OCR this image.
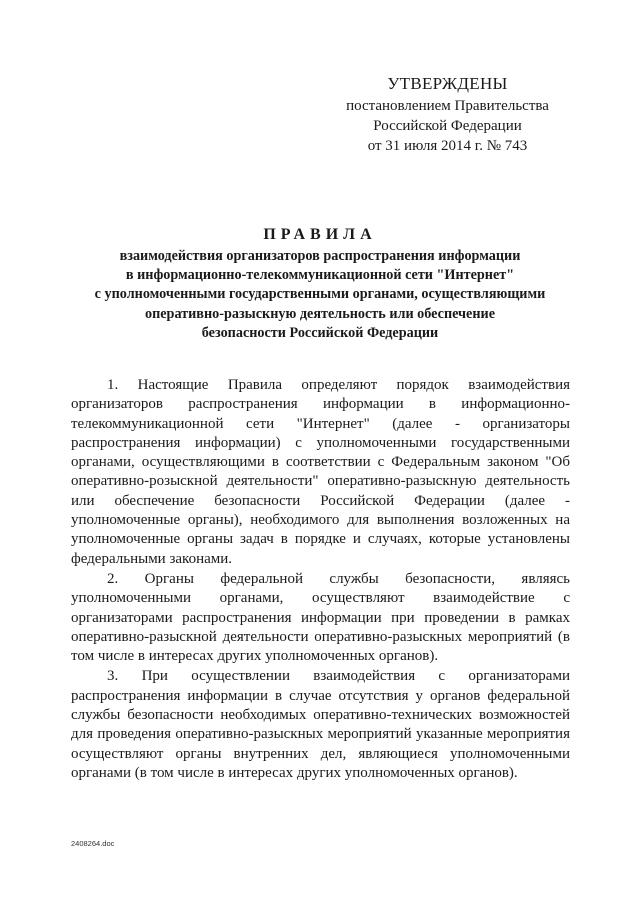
УТВЕРЖДЕНЫ
постановлением Правительства
Российской Федерации
от 31 июля 2014 г. № 743
ПРАВИЛА
взаимодействия организаторов распространения информации
в информационно-телекоммуникационной сети "Интернет"
с уполномоченными государственными органами, осуществляющими
оперативно-разыскную деятельность или обеспечение
безопасности Российской Федерации

1. Настоящие Правила определяют порядок взаимодействия организаторов распространения информации в информационно-телекоммуникационной сети "Интернет" (далее - организаторы распространения информации) с уполномоченными государственными органами, осуществляющими в соответствии с Федеральным законом "Об оперативно-розыскной деятельности" оперативно-разыскную деятельность или обеспечение безопасности Российской Федерации (далее - уполномоченные органы), необходимого для выполнения возложенных на уполномоченные органы задач в порядке и случаях, которые установлены федеральными законами.

2. Органы федеральной службы безопасности, являясь уполномоченными органами, осуществляют взаимодействие с организаторами распространения информации при проведении в рамках оперативно-разыскной деятельности оперативно-разыскных мероприятий (в том числе в интересах других уполномоченных органов).

3. При осуществлении взаимодействия с организаторами распространения информации в случае отсутствия у органов федеральной службы безопасности необходимых оперативно-технических возможностей для проведения оперативно-разыскных мероприятий указанные мероприятия осуществляют органы внутренних дел, являющиеся уполномоченными органами (в том числе в интересах других уполномоченных органов).

2408264.doc
